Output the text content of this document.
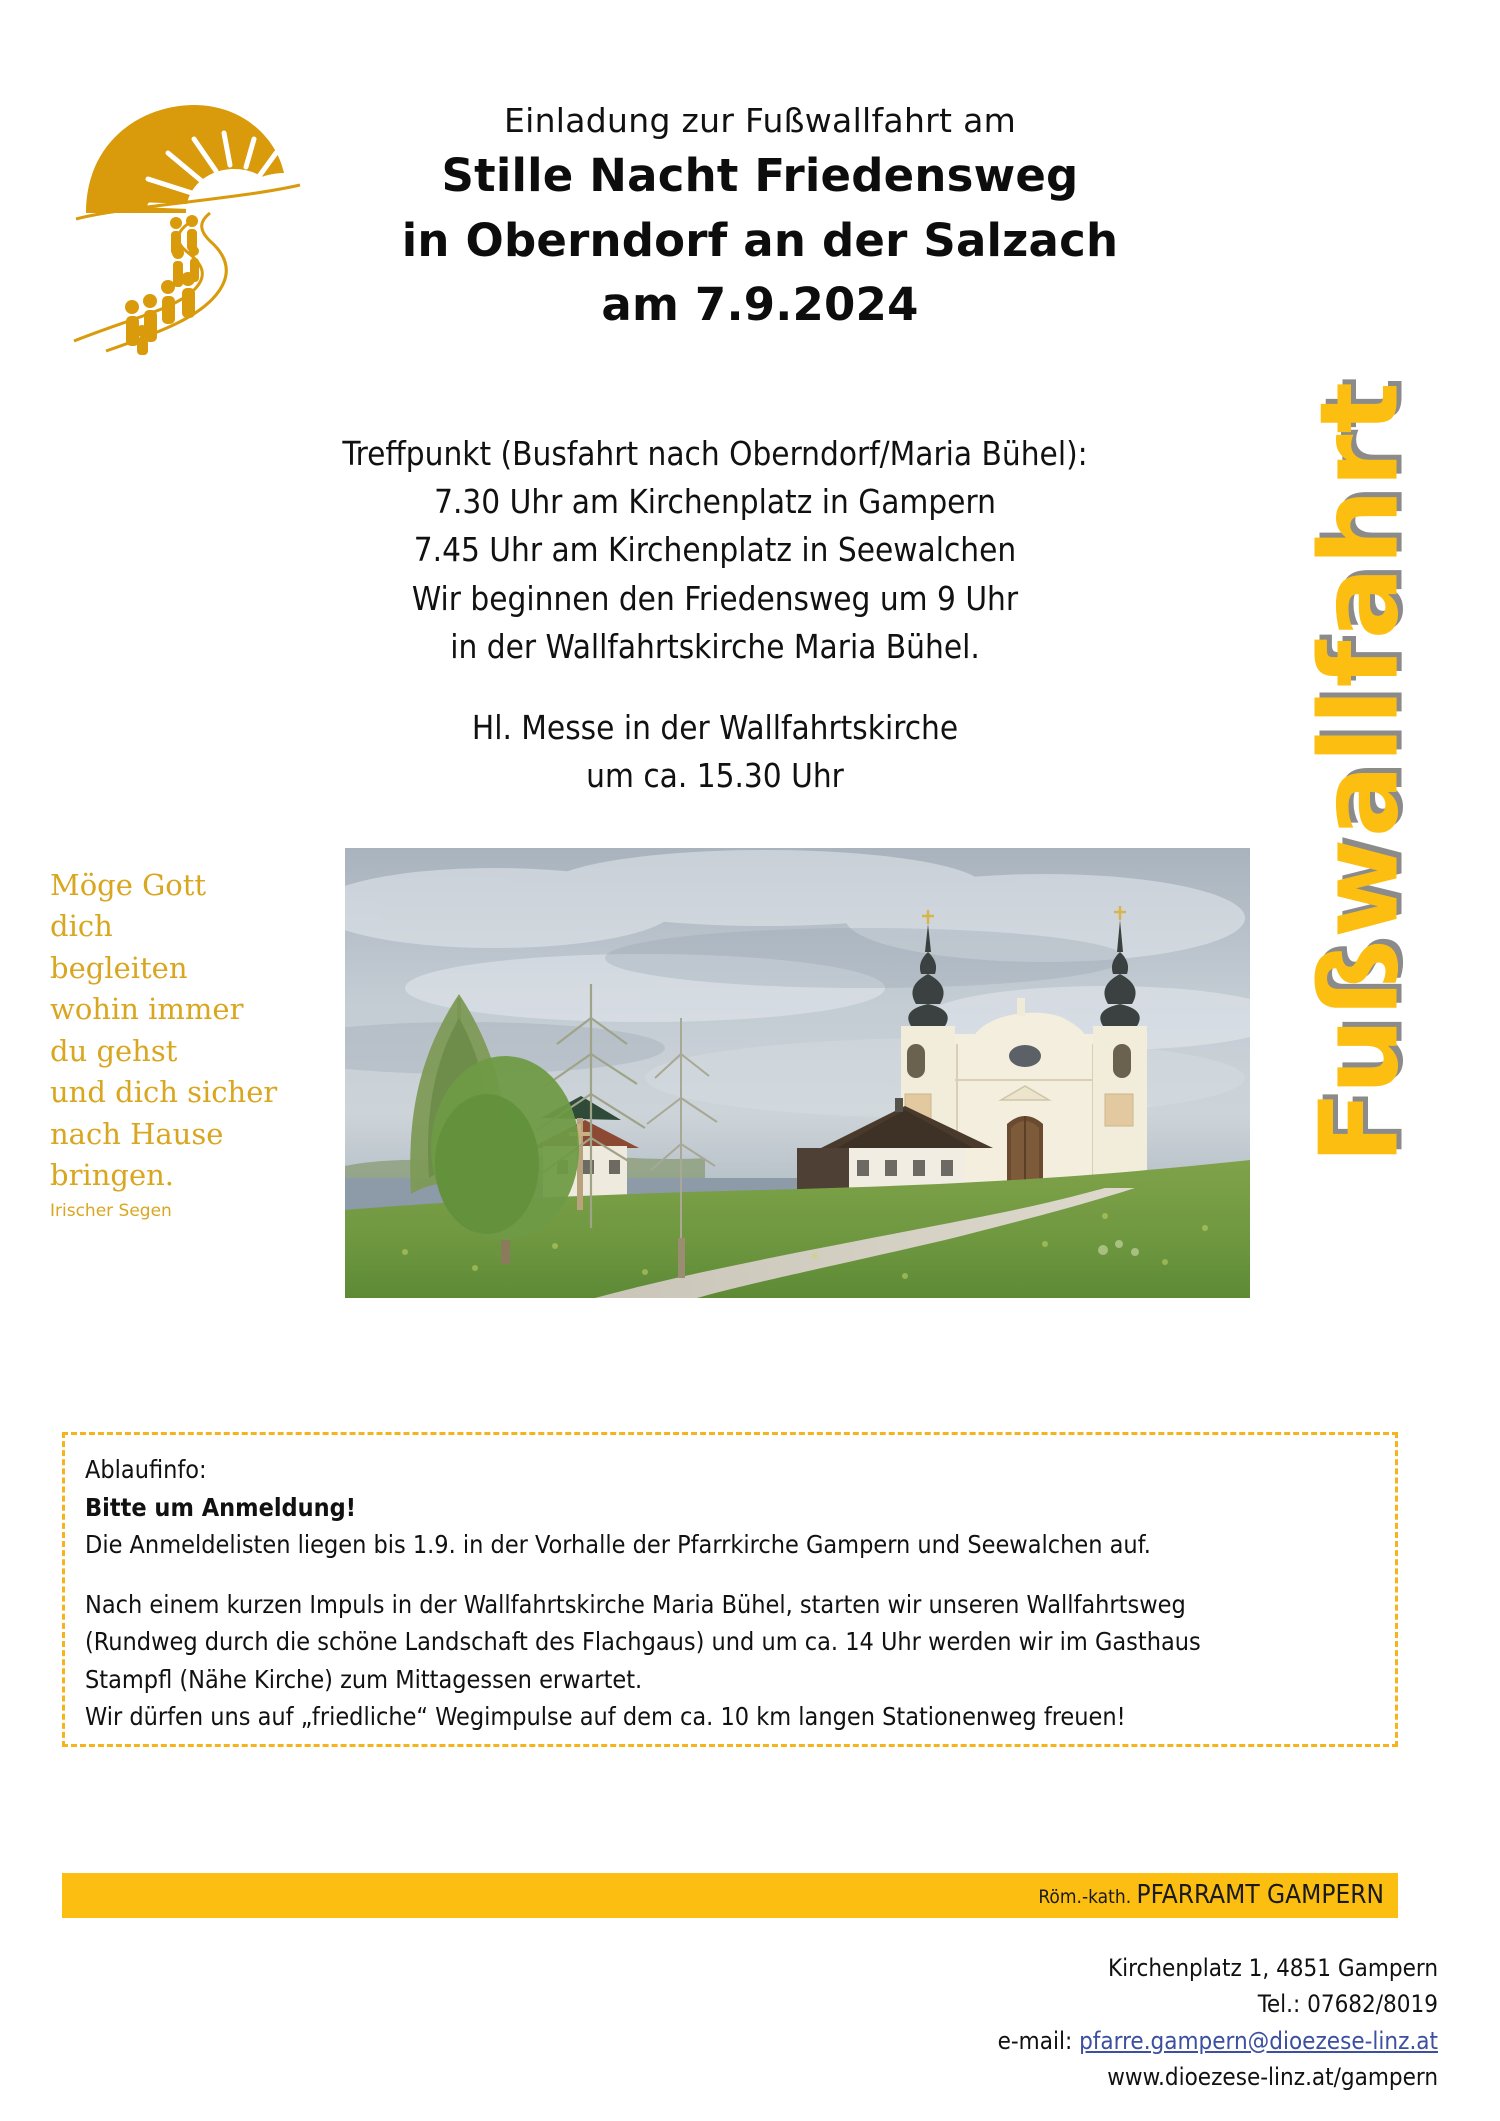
Einladung zur Fußwallfahrt am
Stille Nacht Friedensweg
in Oberndorf an der Salzach
am 7.9.2024
Treffpunkt (Busfahrt nach Oberndorf/Maria Bühel):
7.30 Uhr am Kirchenplatz in Gampern
7.45 Uhr am Kirchenplatz in Seewalchen
Wir beginnen den Friedensweg um 9 Uhr
in der Wallfahrtskirche Maria Bühel.
Hl. Messe in der Wallfahrtskirche
um ca. 15.30 Uhr
Möge Gott
dich
begleiten
wohin immer
du gehst
und dich sicher
nach Hause
bringen.
Irischer Segen
Fußwallfahrt
Ablaufinfo:
Bitte um Anmeldung!
Die Anmeldelisten liegen bis 1.9. in der Vorhalle der Pfarrkirche Gampern und Seewalchen auf.
Nach einem kurzen Impuls in der Wallfahrtskirche Maria Bühel, starten wir unseren Wallfahrtsweg
(Rundweg durch die schöne Landschaft des Flachgaus) und um ca. 14 Uhr werden wir im Gasthaus
Stampfl (Nähe Kirche) zum Mittagessen erwartet.
Wir dürfen uns auf „friedliche“ Wegimpulse auf dem ca. 10 km langen Stationenweg freuen!
Röm.-kath. PFARRAMT GAMPERN
Kirchenplatz 1, 4851 Gampern
Tel.: 07682/8019
e-mail: pfarre.gampern@dioezese-linz.at
www.dioezese-linz.at/gampern
